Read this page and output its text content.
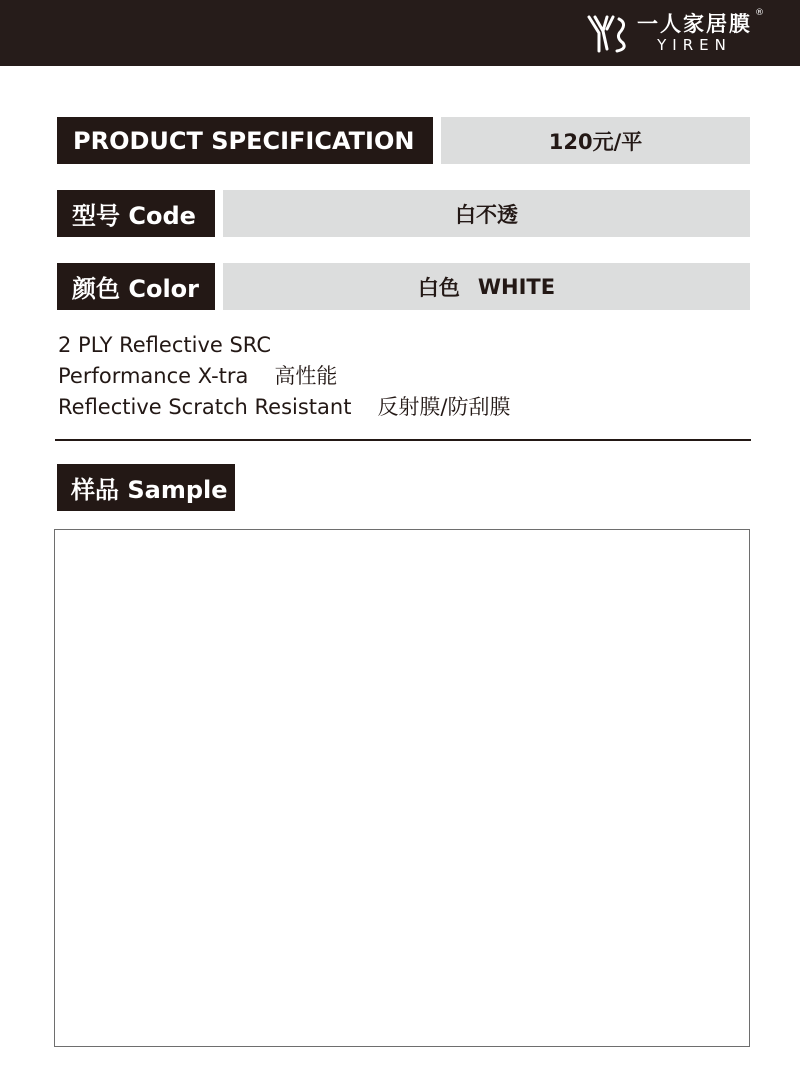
一人家居膜
YIREN
®
PRODUCT SPECIFICATION	120元/平
型号 Code	白不透
颜色 Color	白色 WHITE
2 PLY Reflective SRC
Performance X-tra 高性能
Reflective Scratch Resistant 反射膜/防刮膜
样品 Sample
